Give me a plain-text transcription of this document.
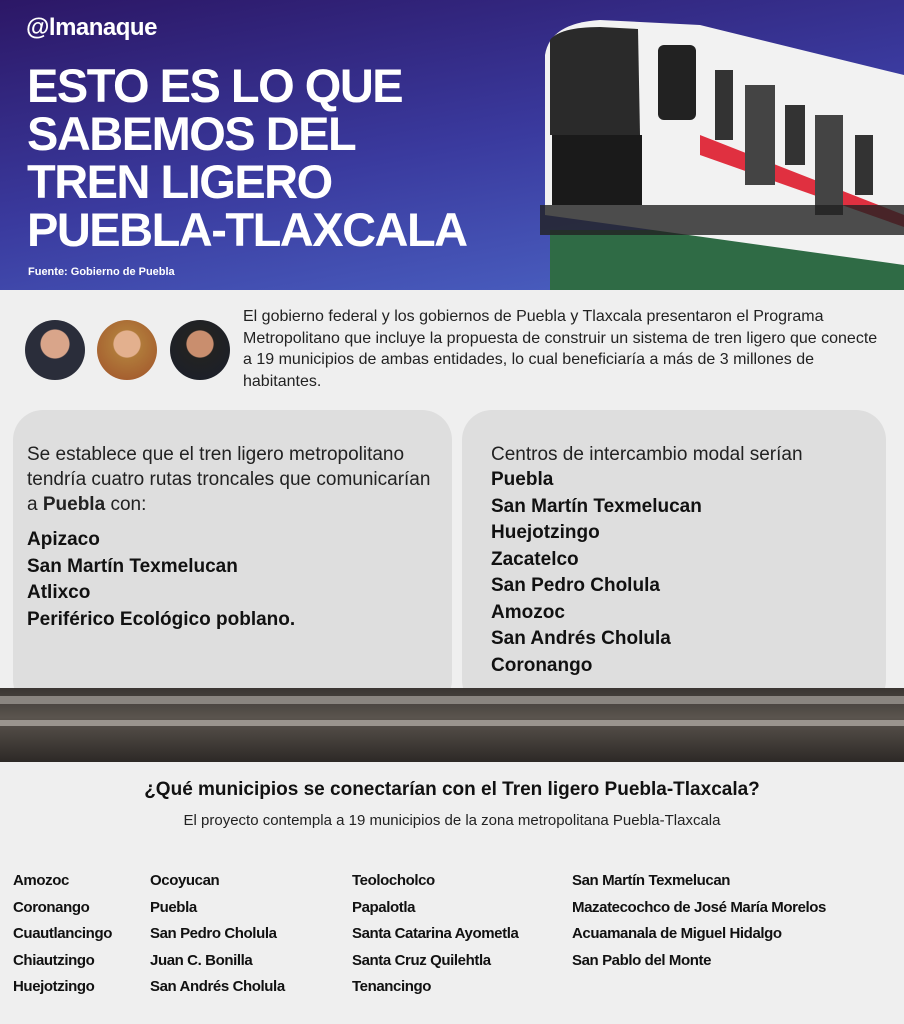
@lmanaque
ESTO ES LO QUE
SABEMOS DEL
TREN LIGERO
PUEBLA-TLAXCALA
Fuente: Gobierno de Puebla
El gobierno federal y los gobiernos de Puebla y Tlaxcala presentaron el Programa Metropolitano que incluye la propuesta de construir un sistema de tren ligero que conecte a 19 municipios de ambas entidades, lo cual beneficiaría a más de 3 millones de habitantes.
Se establece que el tren ligero metropolitano tendría cuatro rutas troncales que comunicarían a Puebla con:
Apizaco
San Martín Texmelucan
Atlixco
Periférico Ecológico poblano.
Centros de intercambio modal serían
Puebla
San Martín Texmelucan
Huejotzingo
Zacatelco
San Pedro Cholula
Amozoc
San Andrés Cholula
Coronango
¿Qué municipios se conectarían con el Tren ligero Puebla-Tlaxcala?
El proyecto contempla a 19 municipios de la zona metropolitana Puebla-Tlaxcala
Amozoc
Coronango
Cuautlancingo
Chiautzingo
Huejotzingo
Ocoyucan
Puebla
San Pedro Cholula
Juan C. Bonilla
San Andrés Cholula
Teolocholco
Papalotla
Santa Catarina Ayometla
Santa Cruz Quilehtla
Tenancingo
San Martín Texmelucan
Mazatecochco de José María Morelos
Acuamanala de Miguel Hidalgo
San Pablo del Monte
